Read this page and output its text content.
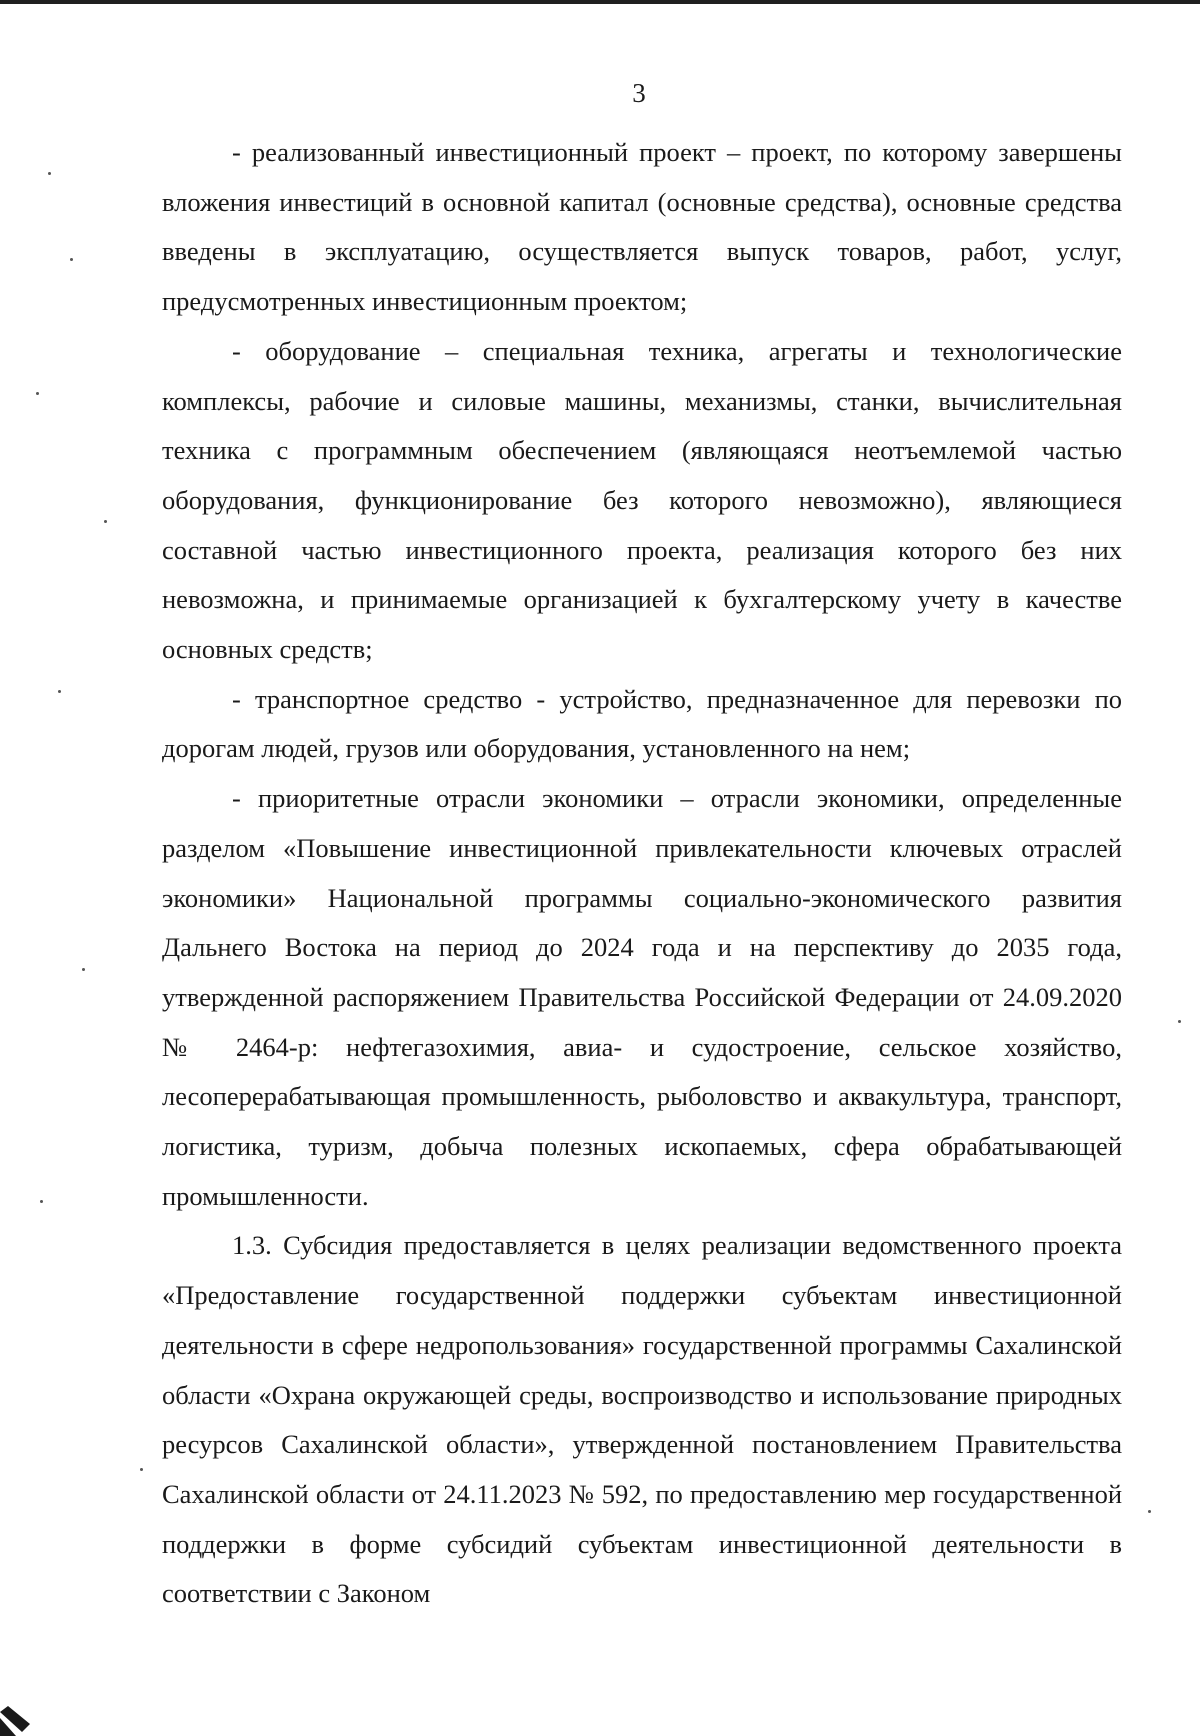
3

- реализованный инвестиционный проект – проект, по которому завершены вложения инвестиций в основной капитал (основные средства), основные средства введены в эксплуатацию, осуществляется выпуск товаров, работ, услуг, предусмотренных инвестиционным проектом;

- оборудование – специальная техника, агрегаты и технологические комплексы, рабочие и силовые машины, механизмы, станки, вычислительная техника с программным обеспечением (являющаяся неотъемлемой частью оборудования, функционирование без которого невозможно), являющиеся составной частью инвестиционного проекта, реализация которого без них невозможна, и принимаемые организацией к бухгалтерскому учету в качестве основных средств;

- транспортное средство - устройство, предназначенное для перевозки по дорогам людей, грузов или оборудования, установленного на нем;

- приоритетные отрасли экономики – отрасли экономики, определенные разделом «Повышение инвестиционной привлекательности ключевых отраслей экономики» Национальной программы социально-экономического развития Дальнего Востока на период до 2024 года и на перспективу до 2035 года, утвержденной распоряжением Правительства Российской Федерации от 24.09.2020 № 2464-р: нефтегазохимия, авиа- и судостроение, сельское хозяйство, лесоперерабатывающая промышленность, рыболовство и аквакультура, транспорт, логистика, туризм, добыча полезных ископаемых, сфера обрабатывающей промышленности.

1.3. Субсидия предоставляется в целях реализации ведомственного проекта «Предоставление государственной поддержки субъектам инвестиционной деятельности в сфере недропользования» государственной программы Сахалинской области «Охрана окружающей среды, воспроизводство и использование природных ресурсов Сахалинской области», утвержденной постановлением Правительства Сахалинской области от 24.11.2023 № 592, по предоставлению мер государственной поддержки в форме субсидий субъектам инвестиционной деятельности в соответствии с Законом
